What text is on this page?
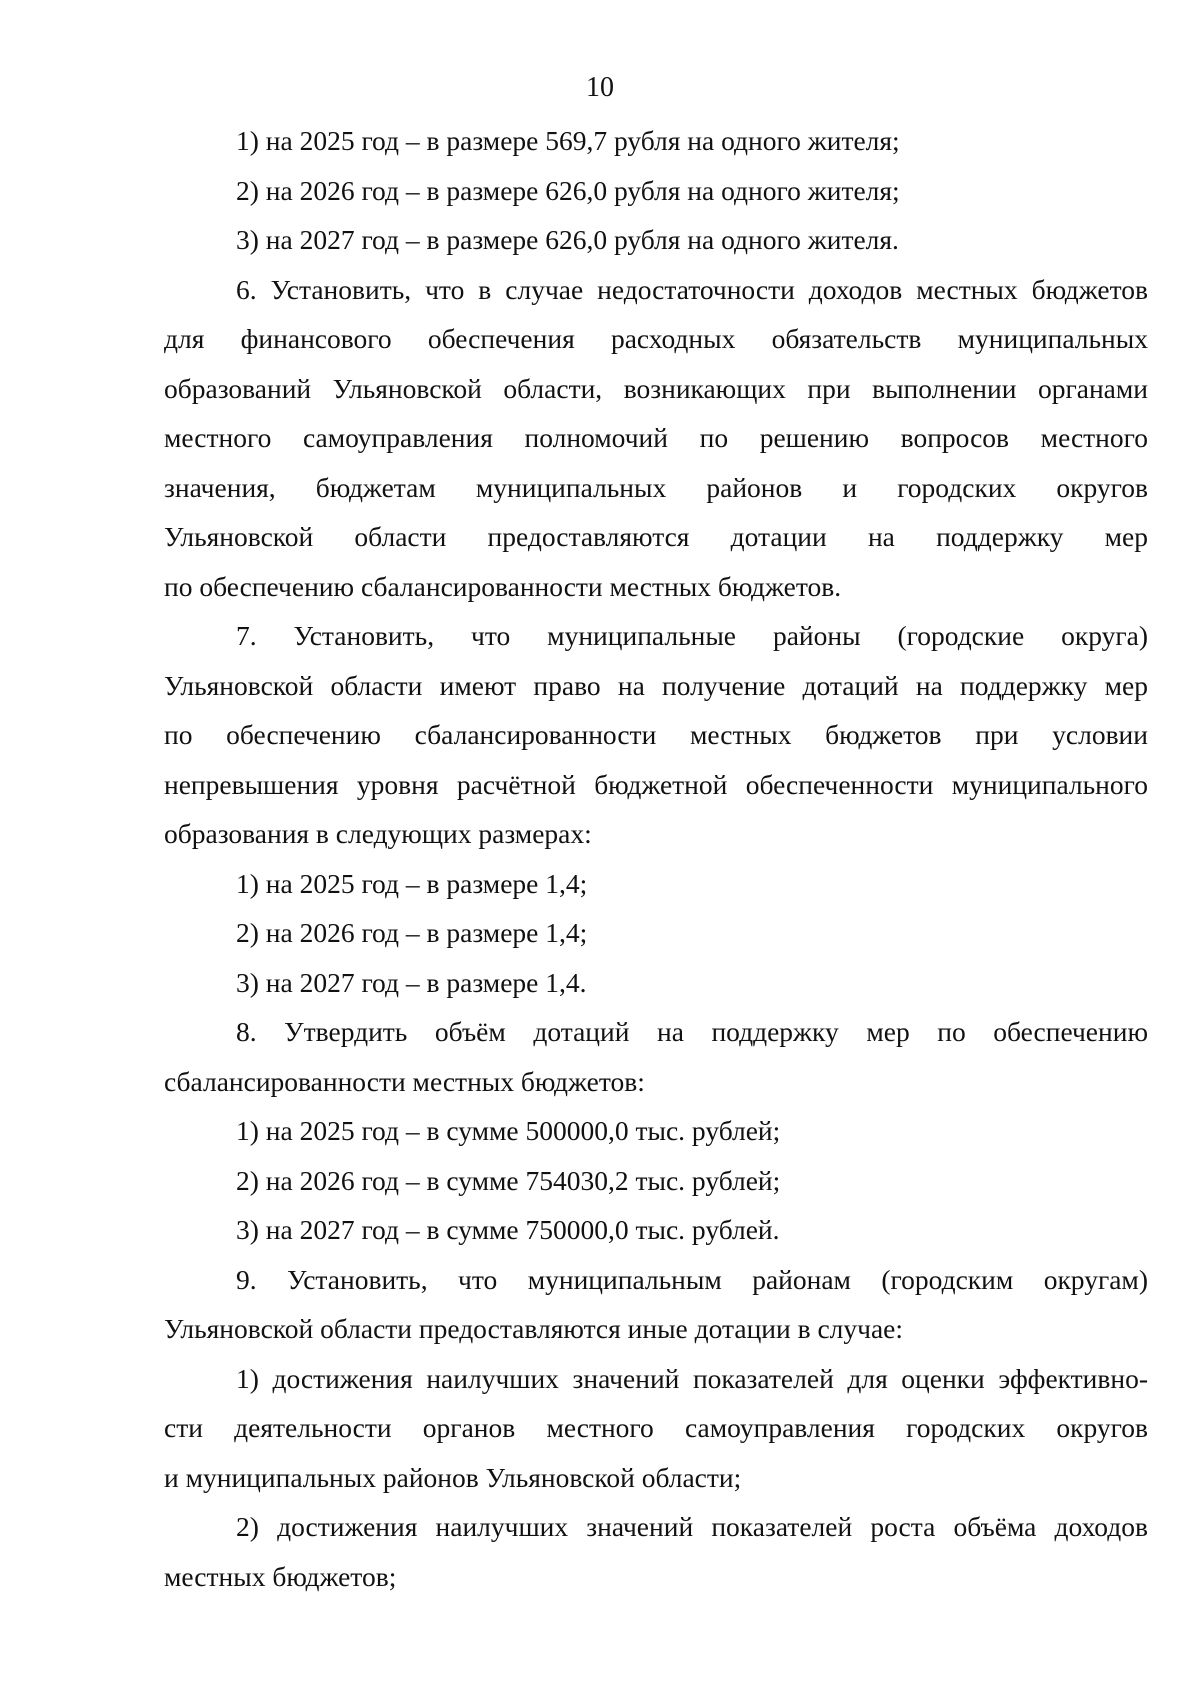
10
1) на 2025 год – в размере 569,7 рубля на одного жителя;
2) на 2026 год – в размере 626,0 рубля на одного жителя;
3) на 2027 год – в размере 626,0 рубля на одного жителя.
6. Установить, что в случае недостаточности доходов местных бюджетов
для финансового обеспечения расходных обязательств муниципальных
образований Ульяновской области, возникающих при выполнении органами
местного самоуправления полномочий по решению вопросов местного
значения, бюджетам муниципальных районов и городских округов
Ульяновской области предоставляются дотации на поддержку мер
по обеспечению сбалансированности местных бюджетов.
7. Установить, что муниципальные районы (городские округа)
Ульяновской области имеют право на получение дотаций на поддержку мер
по обеспечению сбалансированности местных бюджетов при условии
непревышения уровня расчётной бюджетной обеспеченности муниципального
образования в следующих размерах:
1) на 2025 год – в размере 1,4;
2) на 2026 год – в размере 1,4;
3) на 2027 год – в размере 1,4.
8. Утвердить объём дотаций на поддержку мер по обеспечению
сбалансированности местных бюджетов:
1) на 2025 год – в сумме 500000,0 тыс. рублей;
2) на 2026 год – в сумме 754030,2 тыс. рублей;
3) на 2027 год – в сумме 750000,0 тыс. рублей.
9. Установить, что муниципальным районам (городским округам)
Ульяновской области предоставляются иные дотации в случае:
1) достижения наилучших значений показателей для оценки эффективно-
сти деятельности органов местного самоуправления городских округов
и муниципальных районов Ульяновской области;
2) достижения наилучших значений показателей роста объёма доходов
местных бюджетов;
